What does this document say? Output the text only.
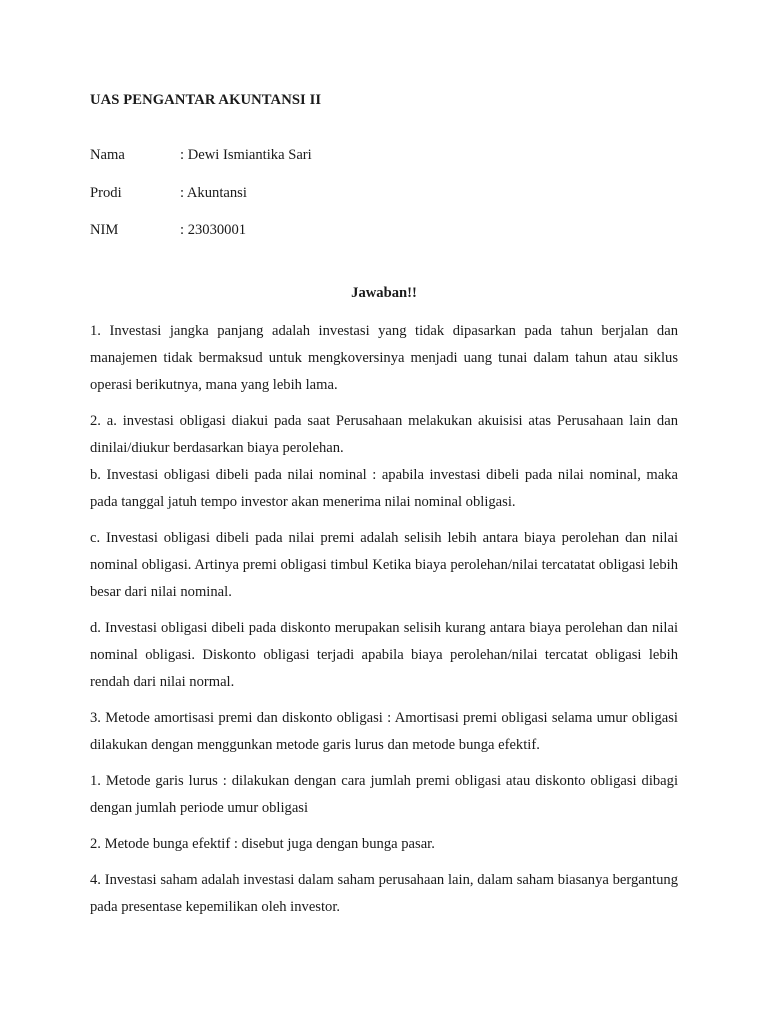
UAS PENGANTAR AKUNTANSI II
Nama	: Dewi Ismiantika Sari
Prodi	: Akuntansi
NIM	: 23030001
Jawaban!!

1. Investasi jangka panjang adalah investasi yang tidak dipasarkan pada tahun berjalan dan manajemen tidak bermaksud untuk mengkoversinya menjadi uang tunai dalam tahun atau siklus operasi berikutnya, mana yang lebih lama.

2. a. investasi obligasi diakui pada saat Perusahaan melakukan akuisisi atas Perusahaan lain dan dinilai/diukur berdasarkan biaya perolehan.

b. Investasi obligasi dibeli pada nilai nominal : apabila investasi dibeli pada nilai nominal, maka pada tanggal jatuh tempo investor akan menerima nilai nominal obligasi.

c. Investasi obligasi dibeli pada nilai premi adalah selisih lebih antara biaya perolehan dan nilai nominal obligasi. Artinya premi obligasi timbul Ketika biaya perolehan/nilai tercatatat obligasi lebih besar dari nilai nominal.

d. Investasi obligasi dibeli pada diskonto merupakan selisih kurang antara biaya perolehan dan nilai nominal obligasi. Diskonto obligasi terjadi apabila biaya perolehan/nilai tercatat obligasi lebih rendah dari nilai normal.

3. Metode amortisasi premi dan diskonto obligasi : Amortisasi premi obligasi selama umur obligasi dilakukan dengan menggunkan metode garis lurus dan metode bunga efektif.

1. Metode garis lurus : dilakukan dengan cara jumlah premi obligasi atau diskonto obligasi dibagi dengan jumlah periode umur obligasi

2. Metode bunga efektif : disebut juga dengan bunga pasar.

4. Investasi saham adalah investasi dalam saham perusahaan lain, dalam saham biasanya bergantung pada presentase kepemilikan oleh investor.
